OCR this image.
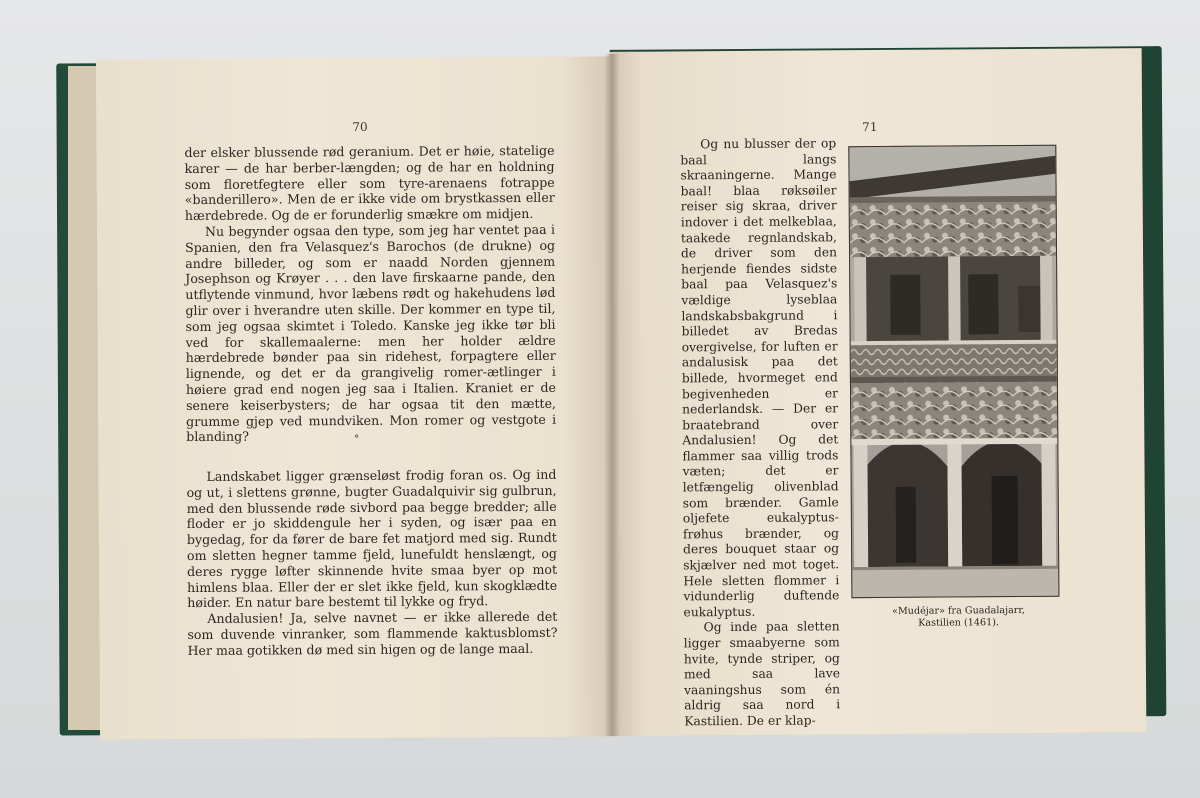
70

der elsker blussende rød geranium. Det er høie, statelige karer — de har berber-længden; og de har en holdning som floretfegtere eller som tyre-arenaens fotrappe «banderillero». Men de er ikke vide om brystkassen eller hærdebrede. Og de er forunderlig smækre om midjen.

Nu begynder ogsaa den type, som jeg har ventet paa i Spanien, den fra Velasquez's Barochos (de drukne) og andre billeder, og som er naadd Norden gjennem Josephson og Krøyer . . . den lave firskaarne pande, den utflytende vinmund, hvor læbens rødt og hakehudens lød glir over i hverandre uten skille. Der kommer en type til, som jeg ogsaa skimtet i Toledo. Kanske jeg ikke tør bli ved for skallemaalerne: men her holder ældre hærdebrede bønder paa sin ridehest, forpagtere eller lignende, og det er da grangivelig romer-ætlinger i høiere grad end nogen jeg saa i Italien. Kraniet er de senere keiserbysters; de har ogsaa tit den mætte, grumme gjep ved mundviken. Mon romer og vestgote i blanding?	°

Landskabet ligger grænseløst frodig foran os. Og ind og ut, i slettens grønne, bugter Guadalquivir sig gulbrun, med den blussende røde sivbord paa begge bredder; alle floder er jo skiddengule her i syden, og især paa en bygedag, for da fører de bare fet matjord med sig. Rundt om sletten hegner tamme fjeld, lunefuldt henslængt, og deres rygge løfter skinnende hvite smaa byer op mot himlens blaa. Eller der er slet ikke fjeld, kun skogklædte høider. En natur bare bestemt til lykke og fryd.

Andalusien! Ja, selve navnet — er ikke allerede det som duvende vinranker, som flammende kaktusblomst? Her maa gotikken dø med sin higen og de lange maal.

71

Og nu blusser der op baal langs skraaningerne. Mange baal! blaa røksøiler reiser sig skraa, driver indover i det melkeblaa, taakede regnlandskab, de driver som den herjende fiendes sidste baal paa Velasquez's vældige lyseblaa landskabsbakgrund i billedet av Bredas overgivelse, for luften er andalusisk paa det billede, hvormeget end begivenheden er nederlandsk. — Der er braatebrand over Andalusien! Og det flammer saa villig trods væten; det er letfængelig olivenblad som brænder. Gamle oljefete eukalyptus-frøhus brænder, og deres bouquet staar og skjælver ned mot toget. Hele sletten flommer i vidunderlig duftende eukalyptus.

Og inde paa sletten ligger smaabyerne som hvite, tynde striper, og med saa lave vaaningshus som én aldrig saa nord i Kastilien. De er klap-

«Mudéjar» fra Guadalajarr, Kastilien (1461).
